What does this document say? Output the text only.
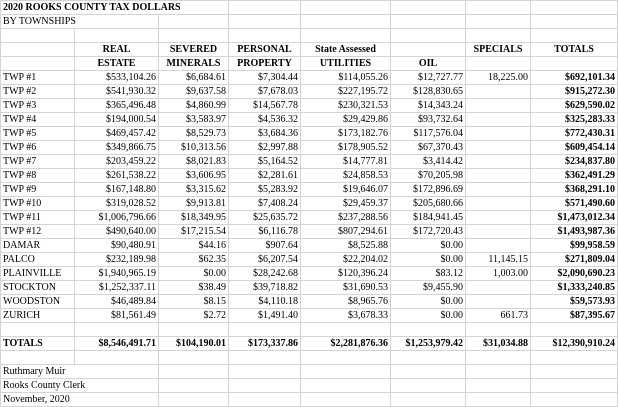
2020 ROOKS COUNTY TAX DOLLARS							
BY TOWNSHIPS							

	REAL	SEVERED	PERSONAL	State Assessed		SPECIALS	TOTALS
	ESTATE	MINERALS	PROPERTY	UTILITIES	OIL		
TWP #1	$533,104.26	$6,684.61	$7,304.44	$114,055.26	$12,727.77	18,225.00	$692,101.34
TWP #2	$541,930.32	$9,637.58	$7,678.03	$227,195.72	$128,830.65		$915,272.30
TWP #3	$365,496.48	$4,860.99	$14,567.78	$230,321.53	$14,343.24		$629,590.02
TWP #4	$194,000.54	$3,583.97	$4,536.32	$29,429.86	$93,732.64		$325,283.33
TWP #5	$469,457.42	$8,529.73	$3,684.36	$173,182.76	$117,576.04		$772,430.31
TWP #6	$349,866.75	$10,313.56	$2,997.88	$178,905.52	$67,370.43		$609,454.14
TWP #7	$203,459.22	$8,021.83	$5,164.52	$14,777.81	$3,414.42		$234,837.80
TWP #8	$261,538.22	$3,606.95	$2,281.61	$24,858.53	$70,205.98		$362,491.29
TWP #9	$167,148.80	$3,315.62	$5,283.92	$19,646.07	$172,896.69		$368,291.10
TWP #10	$319,028.52	$9,913.81	$7,408.24	$29,459.37	$205,680.66		$571,490.60
TWP #11	$1,006,796.66	$18,349.95	$25,635.72	$237,288.56	$184,941.45		$1,473,012.34
TWP #12	$490,640.00	$17,215.54	$6,116.78	$807,294.61	$172,720.43		$1,493,987.36
DAMAR	$90,480.91	$44.16	$907.64	$8,525.88	$0.00		$99,958.59
PALCO	$232,189.98	$62.35	$6,207.54	$22,204.02	$0.00	11,145.15	$271,809.04
PLAINVILLE	$1,940,965.19	$0.00	$28,242.68	$120,396.24	$83.12	1,003.00	$2,090,690.23
STOCKTON	$1,252,337.11	$38.49	$39,718.82	$31,690.53	$9,455.90		$1,333,240.85
WOODSTON	$46,489.84	$8.15	$4,110.18	$8,965.76	$0.00		$59,573.93
ZURICH	$81,561.49	$2.72	$1,491.40	$3,678.33	$0.00	661.73	$87,395.67

TOTALS	$8,546,491.71	$104,190.01	$173,337.86	$2,281,876.36	$1,253,979.42	$31,034.88	$12,390,910.24

Ruthmary Muir							
Rooks County Clerk							
November, 2020							
